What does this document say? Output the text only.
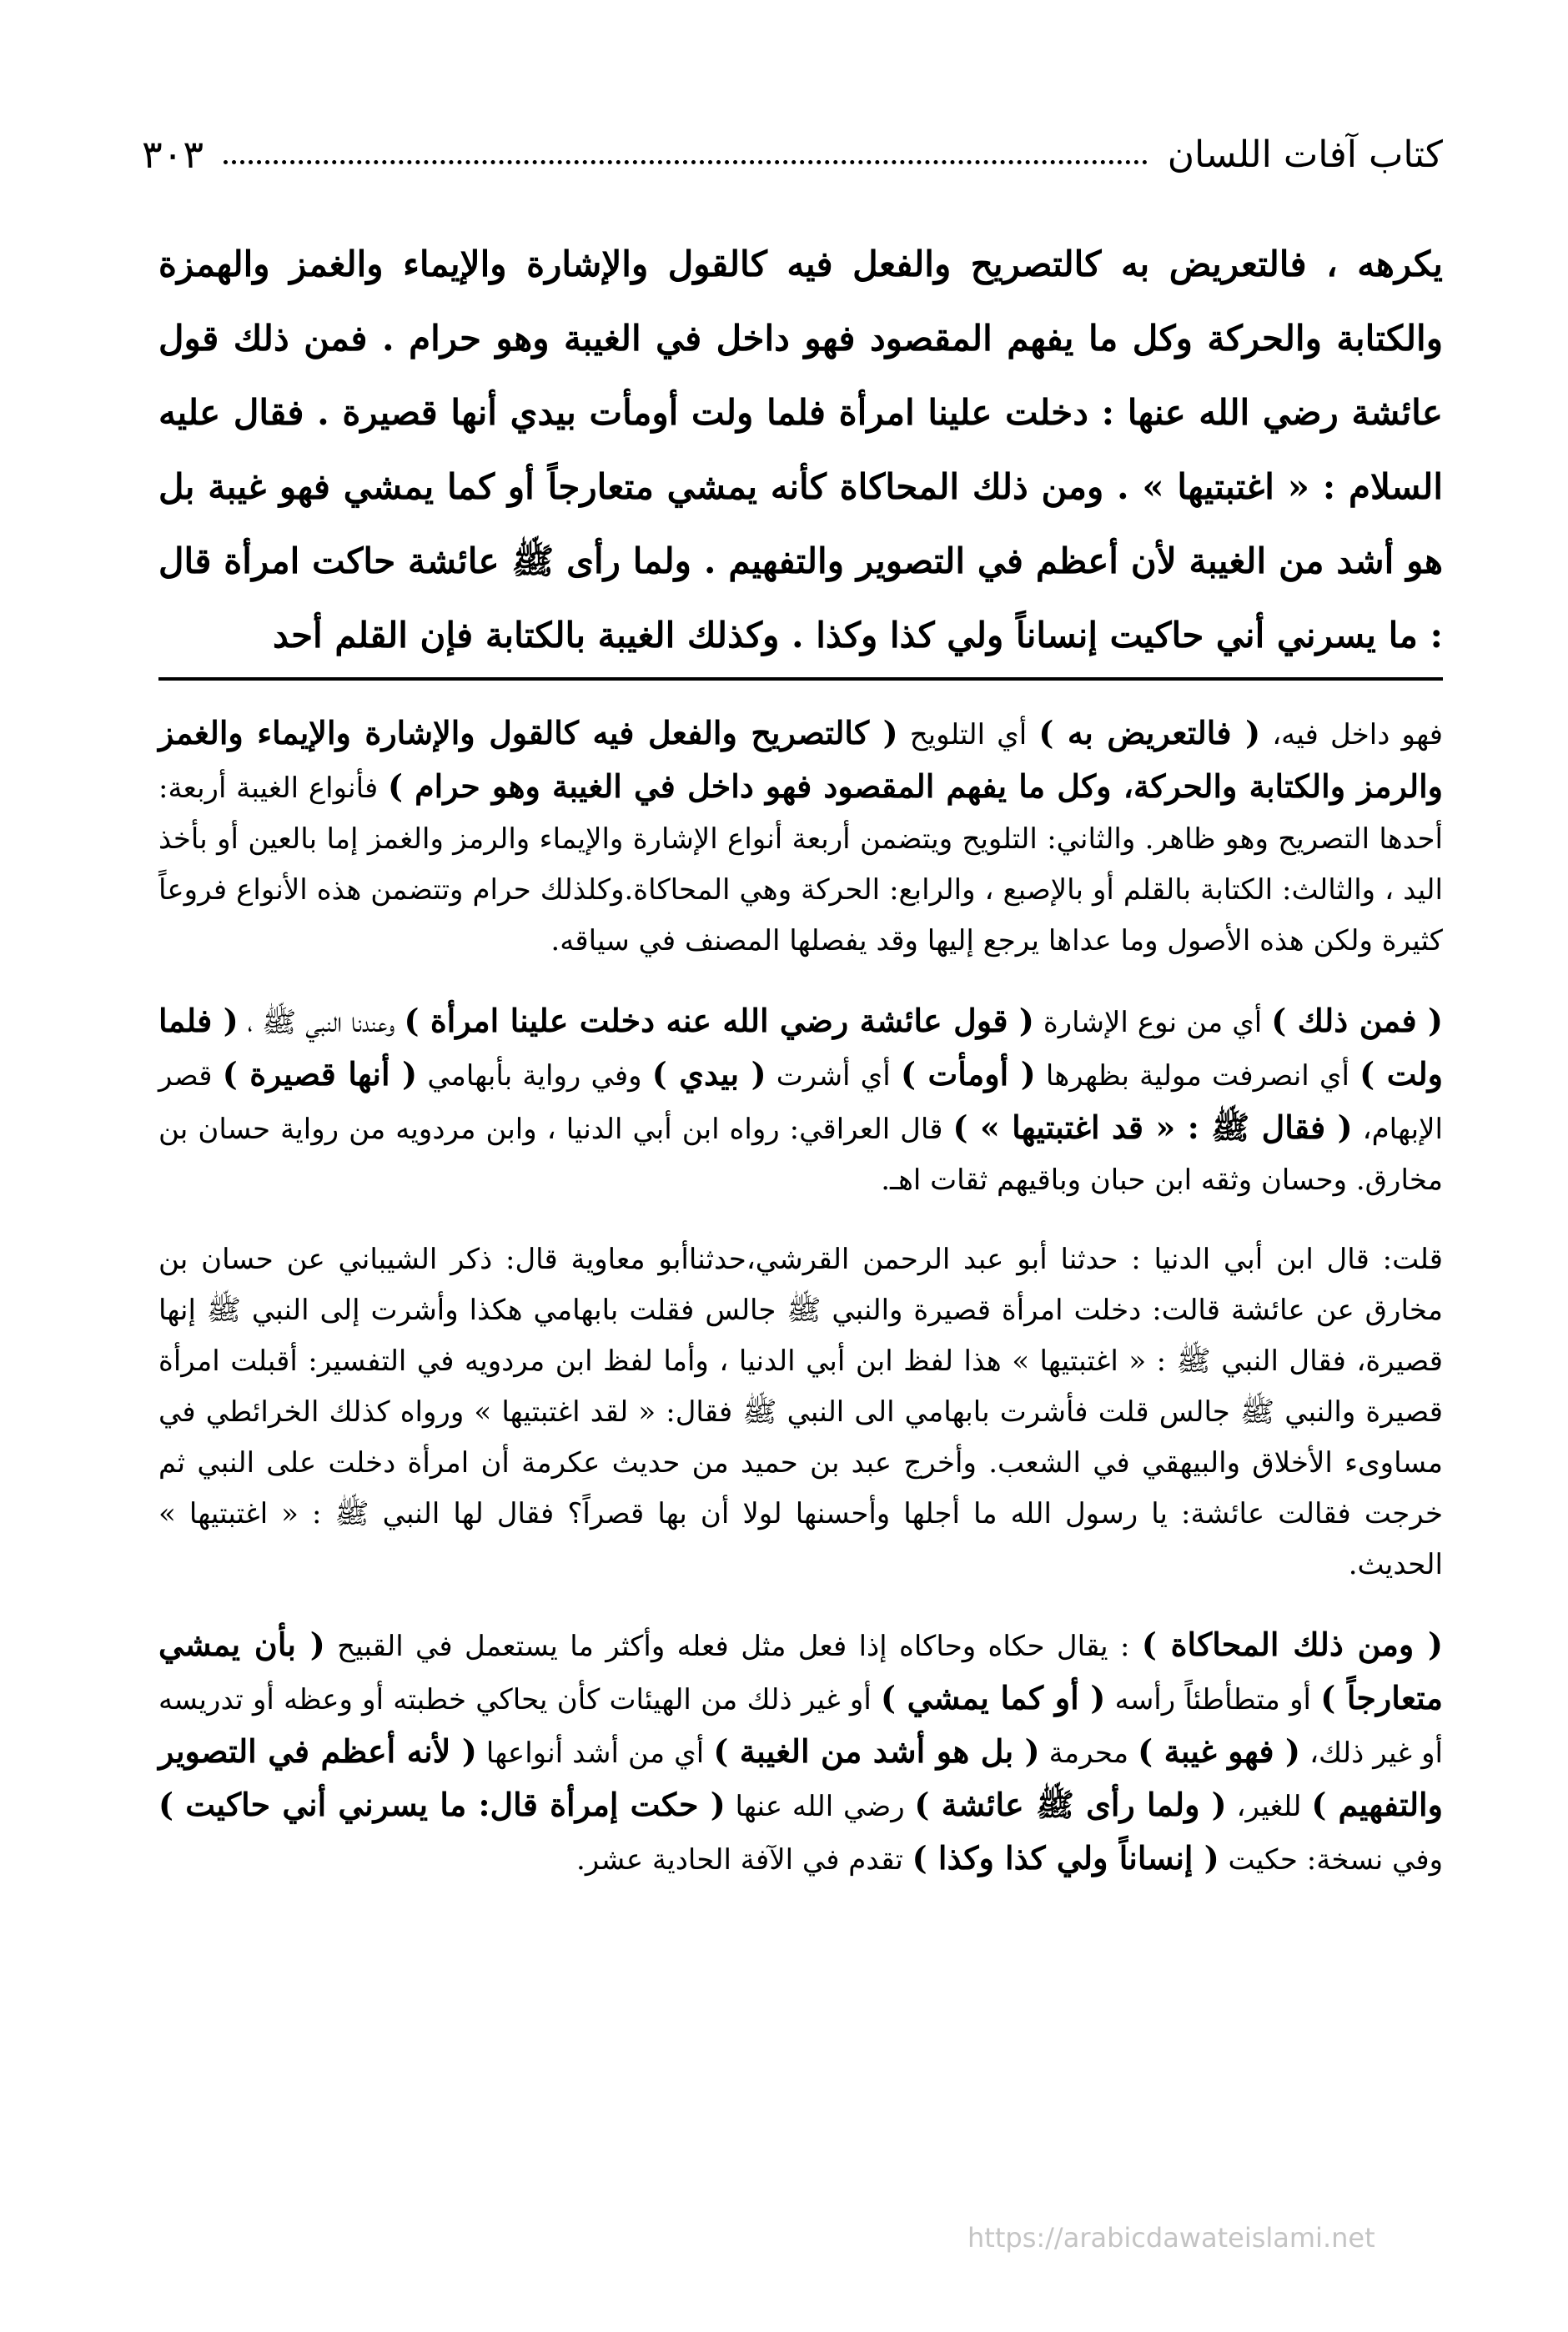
كتاب آفات اللسان
٣٠٣

يكرهه ، فالتعريض به كالتصريح والفعل فيه كالقول والإشارة والإيماء والغمز والهمزة والكتابة والحركة وكل ما يفهم المقصود فهو داخل في الغيبة وهو حرام . فمن ذلك قول عائشة رضي الله عنها : دخلت علينا امرأة فلما ولت أومأت بيدي أنها قصيرة . فقال عليه السلام : « اغتبتيها » . ومن ذلك المحاكاة كأنه يمشي متعارجاً أو كما يمشي فهو غيبة بل هو أشد من الغيبة لأن أعظم في التصوير والتفهيم . ولما رأى ﷺ عائشة حاكت امرأة قال : ما يسرني أني حاكيت إنساناً ولي كذا وكذا . وكذلك الغيبة بالكتابة فإن القلم أحد

فهو داخل فيه، ( فالتعريض به ) أي التلويح ( كالتصريح والفعل فيه كالقول والإشارة والإيماء والغمز والرمز والكتابة والحركة، وكل ما يفهم المقصود فهو داخل في الغيبة وهو حرام ) فأنواع الغيبة أربعة: أحدها التصريح وهو ظاهر. والثاني: التلويح ويتضمن أربعة أنواع الإشارة والإيماء والرمز والغمز إما بالعين أو بأخذ اليد ، والثالث: الكتابة بالقلم أو بالإصبع ، والرابع: الحركة وهي المحاكاة.وكلذلك حرام وتتضمن هذه الأنواع فروعاً كثيرة ولكن هذه الأصول وما عداها يرجع إليها وقد يفصلها المصنف في سياقه.

( فمن ذلك ) أي من نوع الإشارة ( قول عائشة رضي الله عنه دخلت علينا امرأة ) وعندنا النبي ﷺ ، ( فلما ولت ) أي انصرفت مولية بظهرها ( أومأت ) أي أشرت ( بيدي ) وفي رواية بأبهامي ( أنها قصيرة ) قصر الإبهام، ( فقال ﷺ : « قد اغتبتيها » ) قال العراقي: رواه ابن أبي الدنيا ، وابن مردويه من رواية حسان بن مخارق. وحسان وثقه ابن حبان وباقيهم ثقات اهـ.

قلت: قال ابن أبي الدنيا : حدثنا أبو عبد الرحمن القرشي،حدثناأبو معاوية قال: ذكر الشيباني عن حسان بن مخارق عن عائشة قالت: دخلت امرأة قصيرة والنبي ﷺ جالس فقلت بابهامي هكذا وأشرت إلى النبي ﷺ إنها قصيرة، فقال النبي ﷺ : « اغتبتيها » هذا لفظ ابن أبي الدنيا ، وأما لفظ ابن مردويه في التفسير: أقبلت امرأة قصيرة والنبي ﷺ جالس قلت فأشرت بابهامي الى النبي ﷺ فقال: « لقد اغتبتيها » ورواه كذلك الخرائطي في مساوىء الأخلاق والبيهقي في الشعب. وأخرج عبد بن حميد من حديث عكرمة أن امرأة دخلت على النبي ثم خرجت فقالت عائشة: يا رسول الله ما أجلها وأحسنها لولا أن بها قصراً؟ فقال لها النبي ﷺ : « اغتبتيها » الحديث.

( ومن ذلك المحاكاة ) : يقال حكاه وحاكاه إذا فعل مثل فعله وأكثر ما يستعمل في القبيح ( بأن يمشي متعارجاً ) أو متطأطئاً رأسه ( أو كما يمشي ) أو غير ذلك من الهيئات كأن يحاكي خطبته أو وعظه أو تدريسه أو غير ذلك، ( فهو غيبة ) محرمة ( بل هو أشد من الغيبة ) أي من أشد أنواعها ( لأنه أعظم في التصوير والتفهيم ) للغير، ( ولما رأى ﷺ عائشة ) رضي الله عنها ( حكت إمرأة قال: ما يسرني أني حاكيت ) وفي نسخة: حكيت ( إنساناً ولي كذا وكذا ) تقدم في الآفة الحادية عشر.

https://arabicdawateislami.net
